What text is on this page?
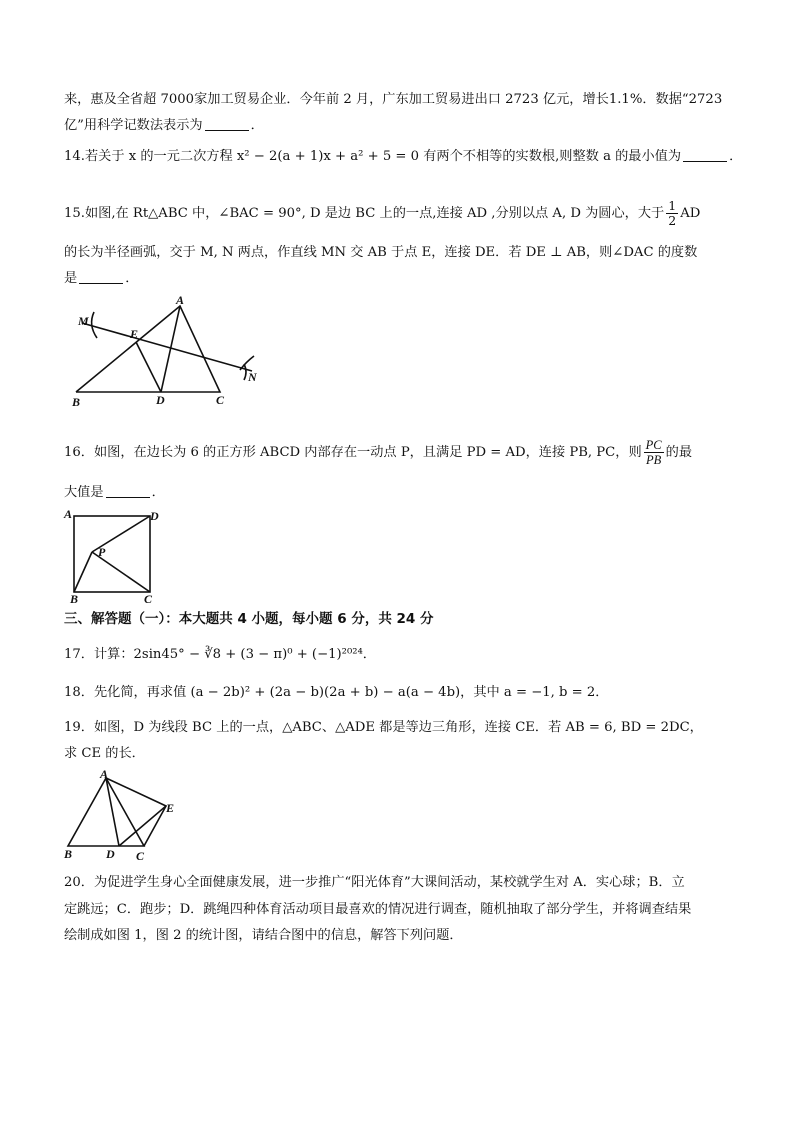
来，惠及全省超 7000家加工贸易企业．今年前 2 月，广东加工贸易进出口 2723 亿元，增长1.1%．数据“2723
亿”用科学记数法表示为	．
14.若关于 x 的一元二次方程 x² − 2(a + 1)x + a² + 5 = 0 有两个不相等的实数根,则整数 a 的最小值为	．
15.如图,在 Rt△ABC 中，∠BAC = 90°, D 是边 BC 上的一点,连接 AD ,分别以点 A, D 为圆心，大于 $\frac{1}{2}$ AD
的长为半径画弧，交于 M, N 两点，作直线 MN 交 AB 于点 E，连接 DE．若 DE ⊥ AB，则∠DAC 的度数
是	．
A
M
E
N
B	D	C
16．如图，在边长为 6 的正方形 ABCD 内部存在一动点 P，且满足 PD = AD，连接 PB, PC，则 $\frac{PC}{PB}$ 的最
大值是	．
A	D
P
B	C
三、解答题（一）：本大题共 4 小题，每小题 6 分，共 24 分
17．计算：2sin45° − ∛8 + (3 − π)⁰ + (−1)²⁰²⁴．
18．先化简，再求值 (a − 2b)² + (2a − b)(2a + b) − a(a − 4b)，其中 a = −1, b = 2．
19．如图，D 为线段 BC 上的一点，△ABC、△ADE 都是等边三角形，连接 CE．若 AB = 6, BD = 2DC，
求 CE 的长．
A
E
B	D C
20．为促进学生身心全面健康发展，进一步推广“阳光体育”大课间活动，某校就学生对 A．实心球；B．立
定跳远；C．跑步；D．跳绳四种体育活动项目最喜欢的情况进行调查，随机抽取了部分学生，并将调查结果
绘制成如图 1，图 2 的统计图，请结合图中的信息，解答下列问题．
